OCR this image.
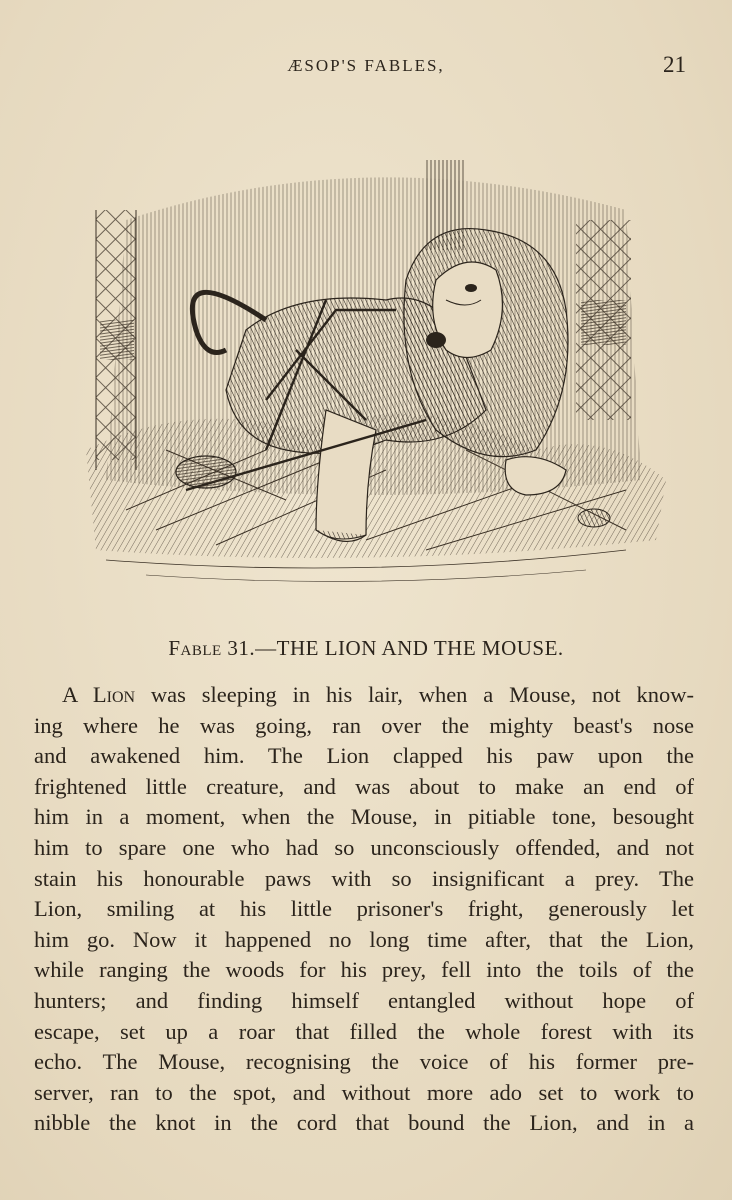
ÆSOP'S FABLES,	21
Fable 31.—THE LION AND THE MOUSE.
A Lion was sleeping in his lair, when a Mouse, not know-
ing where he was going, ran over the mighty beast's nose
and awakened him. The Lion clapped his paw upon the
frightened little creature, and was about to make an end of
him in a moment, when the Mouse, in pitiable tone, besought
him to spare one who had so unconsciously offended, and not
stain his honourable paws with so insignificant a prey. The
Lion, smiling at his little prisoner's fright, generously let
him go. Now it happened no long time after, that the Lion,
while ranging the woods for his prey, fell into the toils of the
hunters; and finding himself entangled without hope of
escape, set up a roar that filled the whole forest with its
echo. The Mouse, recognising the voice of his former pre-
server, ran to the spot, and without more ado set to work to
nibble the knot in the cord that bound the Lion, and in a
